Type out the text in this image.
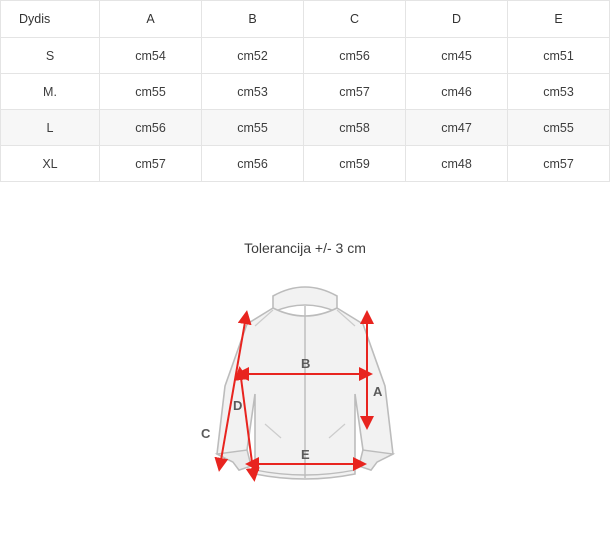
Dydis	A	B	C	D	E
S	cm54	cm52	cm56	cm45	cm51
M.	cm55	cm53	cm57	cm46	cm53
L	cm56	cm55	cm58	cm47	cm55
XL	cm57	cm56	cm59	cm48	cm57
Tolerancija +/- 3 cm
A
B
C
D
E
